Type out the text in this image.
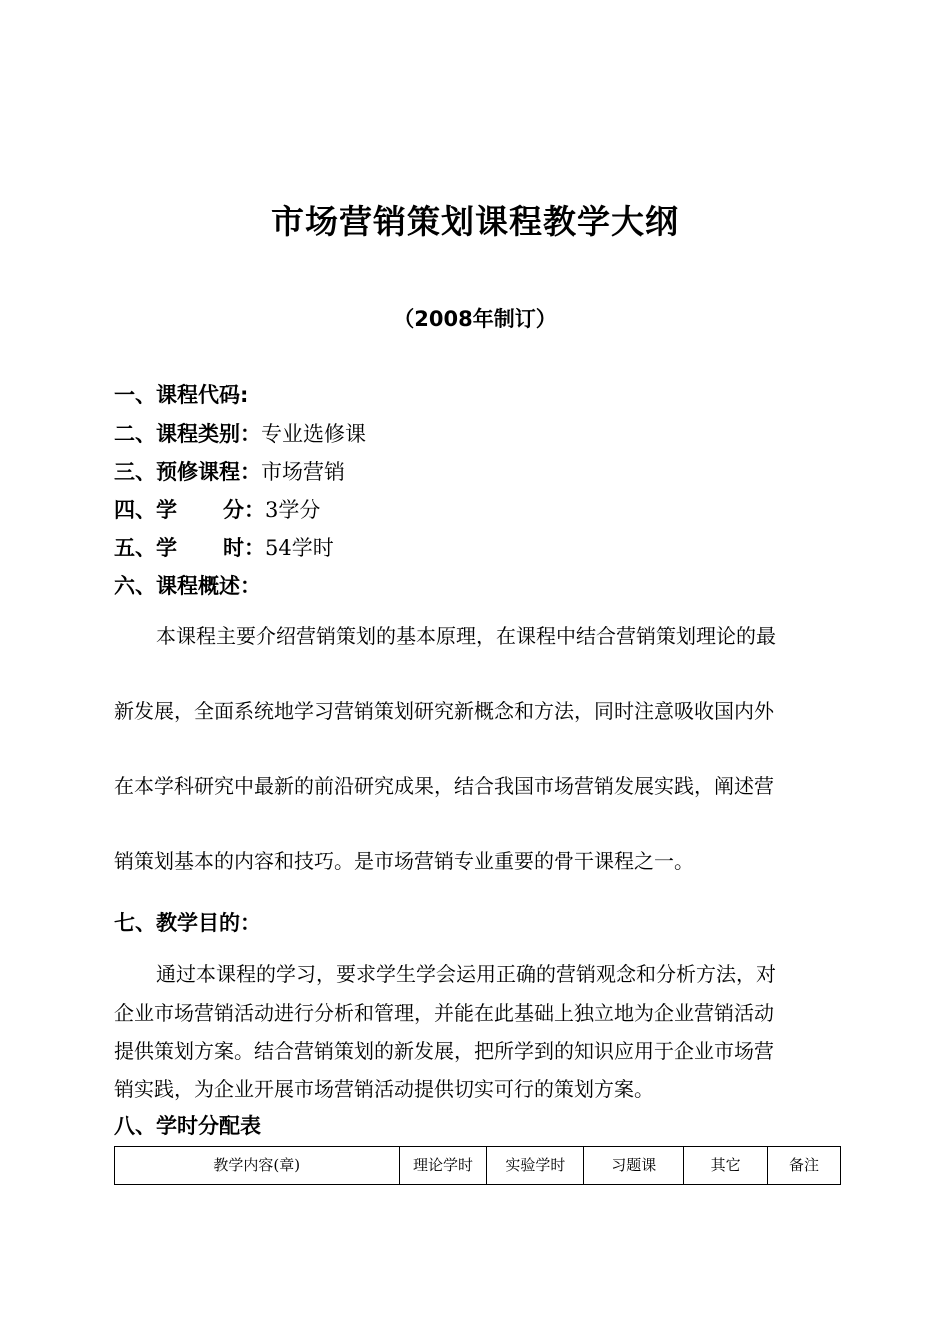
市场营销策划课程教学大纲
（2008年制订）
一、课程代码:
二、课程类别：专业选修课
三、预修课程：市场营销
四、学 分：3学分
五、学 时：54学时
六、课程概述：
本课程主要介绍营销策划的基本原理，在课程中结合营销策划理论的最
新发展，全面系统地学习营销策划研究新概念和方法，同时注意吸收国内外
在本学科研究中最新的前沿研究成果，结合我国市场营销发展实践，阐述营
销策划基本的内容和技巧。是市场营销专业重要的骨干课程之一。
七、教学目的：
通过本课程的学习，要求学生学会运用正确的营销观念和分析方法，对
企业市场营销活动进行分析和管理，并能在此基础上独立地为企业营销活动
提供策划方案。结合营销策划的新发展，把所学到的知识应用于企业市场营
销实践，为企业开展市场营销活动提供切实可行的策划方案。
八、学时分配表
教学内容(章)	理论学时	实验学时	习题课	其它	备注
